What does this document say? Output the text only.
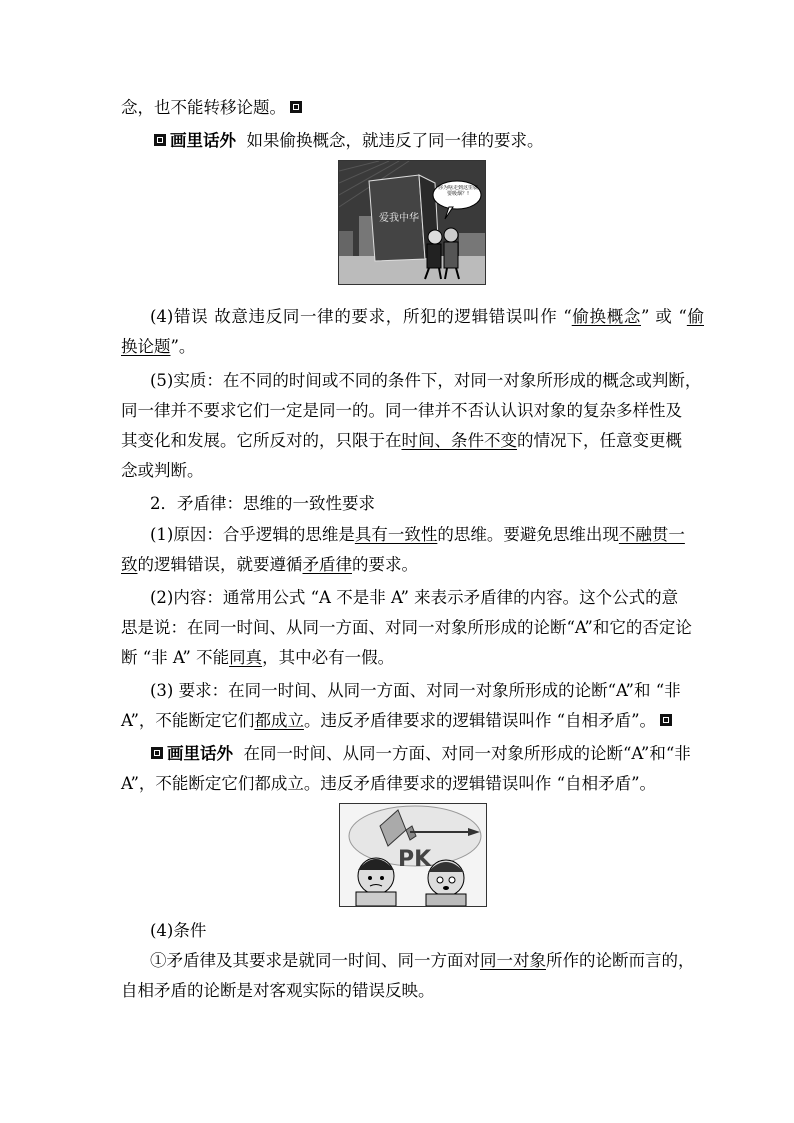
念，也不能转移论题。
画里话外 如果偷换概念，就违反了同一律的要求。
爱我中华
你为啥走到这里就要吸烟？!
(4)错误 故意违反同一律的要求，所犯的逻辑错误叫作 “偷换概念” 或 “偷
换论题”。
(5)实质：在不同的时间或不同的条件下，对同一对象所形成的概念或判断，
同一律并不要求它们一定是同一的。同一律并不否认认识对象的复杂多样性及
其变化和发展。它所反对的，只限于在时间、条件不变的情况下，任意变更概
念或判断。
2．矛盾律：思维的一致性要求
(1)原因：合乎逻辑的思维是具有一致性的思维。要避免思维出现不融贯一
致的逻辑错误，就要遵循矛盾律的要求。
(2)内容：通常用公式 “A 不是非 A” 来表示矛盾律的内容。这个公式的意
思是说：在同一时间、从同一方面、对同一对象所形成的论断“A”和它的否定论
断 “非 A” 不能同真，其中必有一假。
(3) 要求：在同一时间、从同一方面、对同一对象所形成的论断“A”和 “非
A”，不能断定它们都成立。违反矛盾律要求的逻辑错误叫作 “自相矛盾”。
画里话外 在同一时间、从同一方面、对同一对象所形成的论断“A”和“非
A”，不能断定它们都成立。违反矛盾律要求的逻辑错误叫作 “自相矛盾”。
PK
(4)条件
①矛盾律及其要求是就同一时间、同一方面对同一对象所作的论断而言的，
自相矛盾的论断是对客观实际的错误反映。
